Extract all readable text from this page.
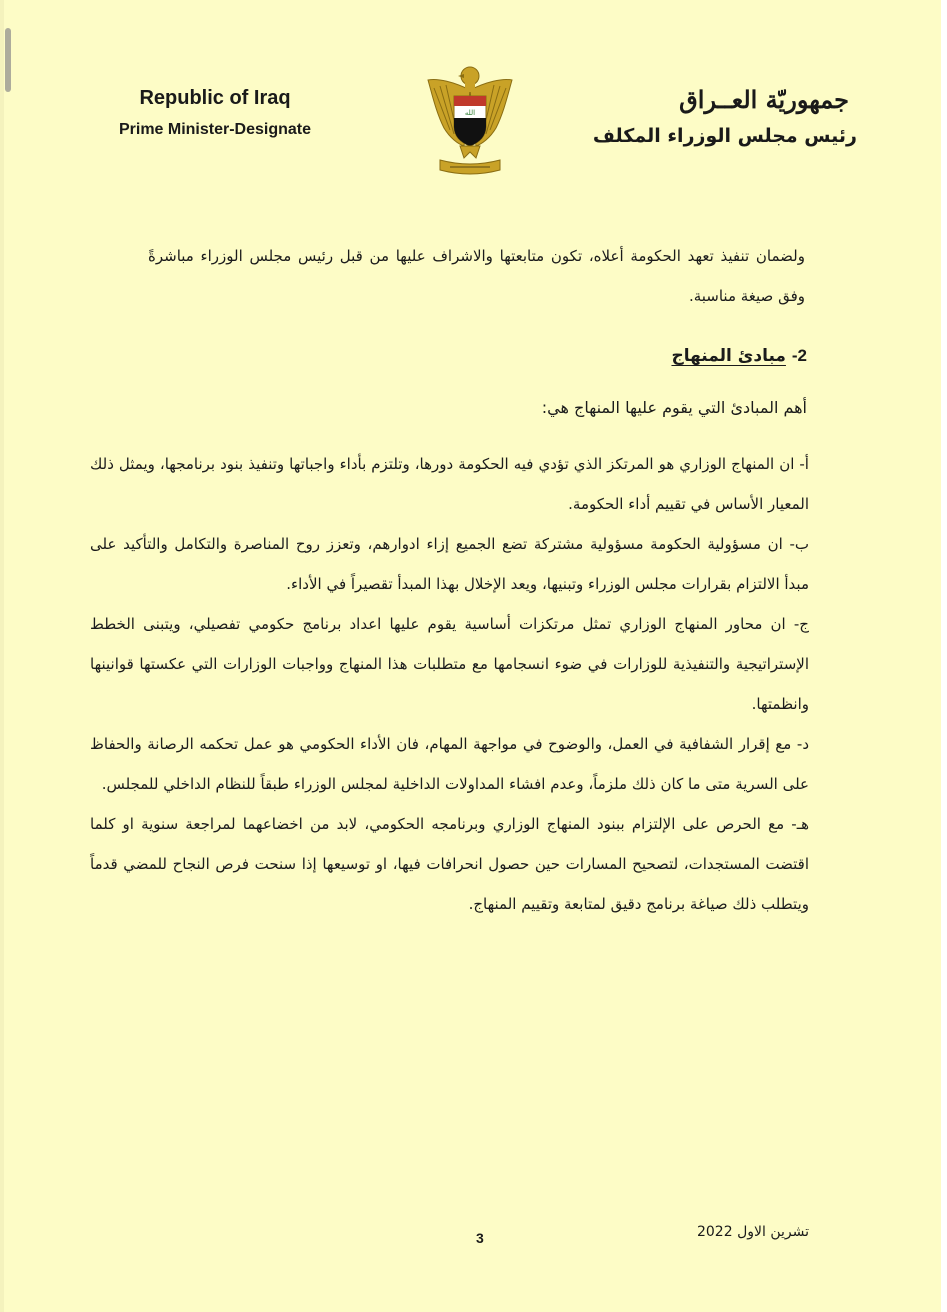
Republic of Iraq
Prime Minister-Designate
الله	جمهوريّة العــراق
رئيس مجلس الوزراء المكلف

ولضمان تنفيذ تعهد الحكومة أعلاه، تكون متابعتها والاشراف عليها من قبل رئيس مجلس الوزراء مباشرةً وفق صيغة مناسبة.

2- مبادئ المنهاج

أهم المبادئ التي يقوم عليها المنهاج هي:

أ- ان المنهاج الوزاري هو المرتكز الذي تؤدي فيه الحكومة دورها، وتلتزم بأداء واجباتها وتنفيذ بنود برنامجها، ويمثل ذلك المعيار الأساس في تقييم أداء الحكومة.

ب- ان مسؤولية الحكومة مسؤولية مشتركة تضع الجميع إزاء ادوارهم، وتعزز روح المناصرة والتكامل والتأكيد على مبدأ الالتزام بقرارات مجلس الوزراء وتبنيها، ويعد الإخلال بهذا المبدأ تقصيراً في الأداء.

ج- ان محاور المنهاج الوزاري تمثل مرتكزات أساسية يقوم عليها اعداد برنامج حكومي تفصيلي، ويتبنى الخطط الإستراتيجية والتنفيذية للوزارات في ضوء انسجامها مع متطلبات هذا المنهاج وواجبات الوزارات التي عكستها قوانينها وانظمتها.

د- مع إقرار الشفافية في العمل، والوضوح في مواجهة المهام، فان الأداء الحكومي هو عمل تحكمه الرصانة والحفاظ على السرية متى ما كان ذلك ملزماً، وعدم افشاء المداولات الداخلية لمجلس الوزراء طبقاً للنظام الداخلي للمجلس.

هـ- مع الحرص على الإلتزام ببنود المنهاج الوزاري وبرنامجه الحكومي، لابد من اخضاعهما لمراجعة سنوية او كلما اقتضت المستجدات، لتصحيح المسارات حين حصول انحرافات فيها، او توسيعها إذا سنحت فرص النجاح للمضي قدماً ويتطلب ذلك صياغة برنامج دقيق لمتابعة وتقييم المنهاج.

3	تشرين الاول 2022
